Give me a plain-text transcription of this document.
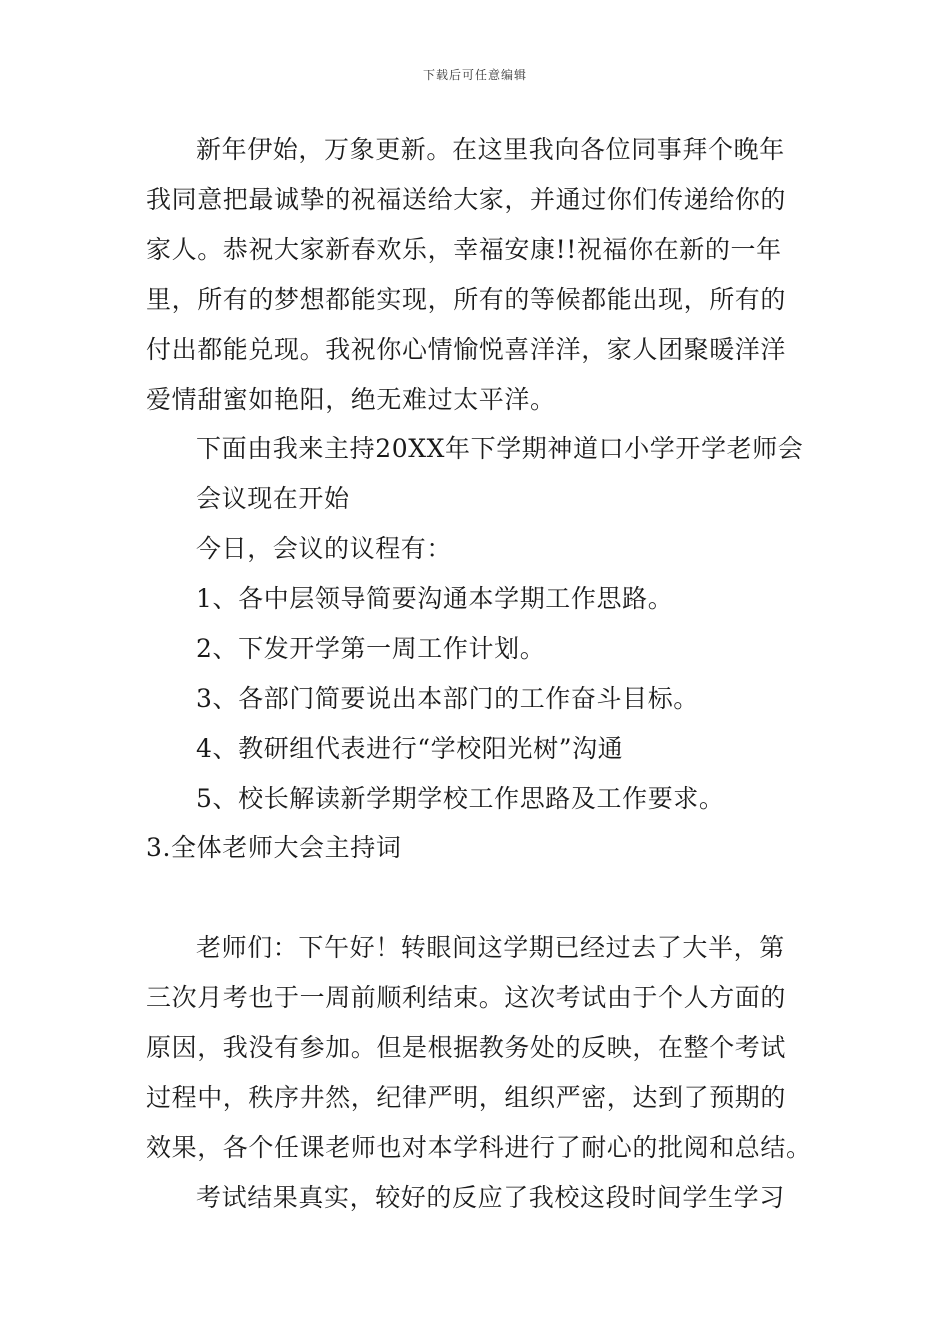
下载后可任意编辑
新年伊始，万象更新。在这里我向各位同事拜个晚年
我同意把最诚挚的祝福送给大家，并通过你们传递给你的
家人。恭祝大家新春欢乐，幸福安康!!祝福你在新的一年
里，所有的梦想都能实现，所有的等候都能出现，所有的
付出都能兑现。我祝你心情愉悦喜洋洋，家人团聚暖洋洋
爱情甜蜜如艳阳，绝无难过太平洋。
下面由我来主持20XX年下学期神道口小学开学老师会
会议现在开始
今日，会议的议程有：
1、各中层领导简要沟通本学期工作思路。
2、下发开学第一周工作计划。
3、各部门简要说出本部门的工作奋斗目标。
4、教研组代表进行“学校阳光树”沟通
5、校长解读新学期学校工作思路及工作要求。
3.全体老师大会主持词
老师们：下午好！转眼间这学期已经过去了大半，第
三次月考也于一周前顺利结束。这次考试由于个人方面的
原因，我没有参加。但是根据教务处的反映，在整个考试
过程中，秩序井然，纪律严明，组织严密，达到了预期的
效果，各个任课老师也对本学科进行了耐心的批阅和总结。
考试结果真实，较好的反应了我校这段时间学生学习
